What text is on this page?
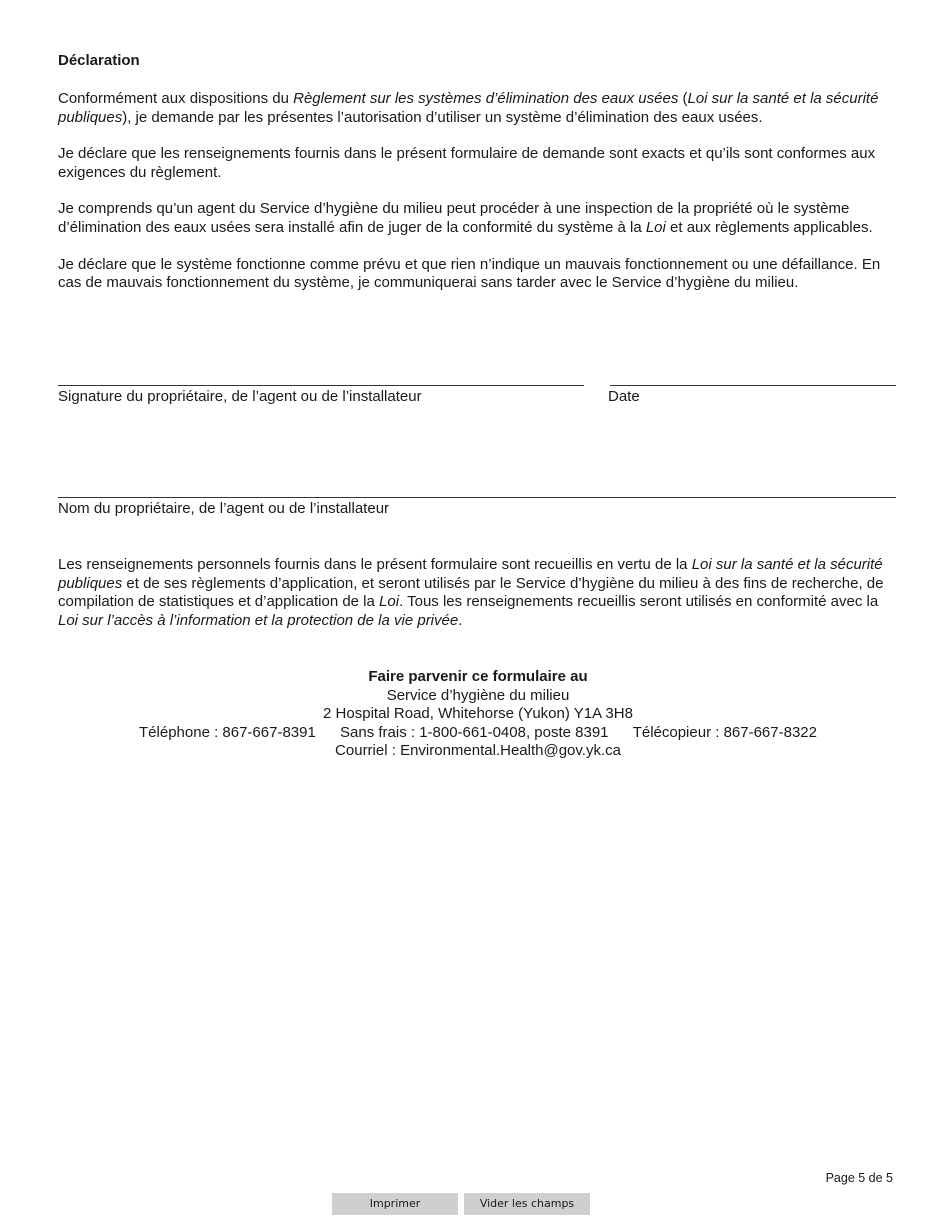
Déclaration
Conformément aux dispositions du Règlement sur les systèmes d’élimination des eaux usées (Loi sur la santé et la sécurité publiques), je demande par les présentes l’autorisation d’utiliser un système d’élimination des eaux usées.
Je déclare que les renseignements fournis dans le présent formulaire de demande sont exacts et qu’ils sont conformes aux exigences du règlement.
Je comprends qu’un agent du Service d’hygiène du milieu peut procéder à une inspection de la propriété où le système d’élimination des eaux usées sera installé afin de juger de la conformité du système à la Loi et aux règlements applicables.
Je déclare que le système fonctionne comme prévu et que rien n’indique un mauvais fonctionnement ou une défaillance. En cas de mauvais fonctionnement du système, je communiquerai sans tarder avec le Service d’hygiène du milieu.
Signature du propriétaire, de l’agent ou de l’installateur	Date
Nom du propriétaire, de l’agent ou de l’installateur
Les renseignements personnels fournis dans le présent formulaire sont recueillis en vertu de la Loi sur la santé et la sécurité publiques et de ses règlements d’application, et seront utilisés par le Service d’hygiène du milieu à des fins de recherche, de compilation de statistiques et d’application de la Loi. Tous les renseignements recueillis seront utilisés en conformité avec la Loi sur l’accès à l’information et la protection de la vie privée.
Faire parvenir ce formulaire au
Service d’hygiène du milieu
2 Hospital Road, Whitehorse (Yukon) Y1A 3H8
Téléphone : 867-667-8391 Sans frais : 1-800-661-0408, poste 8391 Télécopieur : 867-667-8322
Courriel : Environmental.Health@gov.yk.ca
Page 5 de 5
Imprimer	Vider les champs
